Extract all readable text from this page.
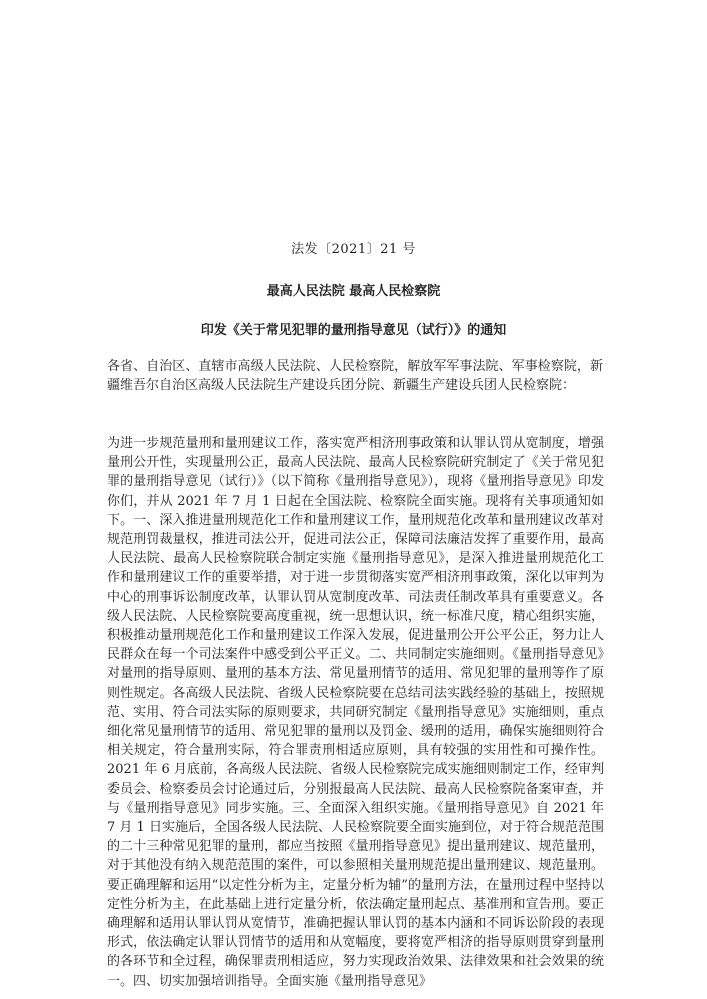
法发〔2021〕21 号
最高人民法院 最高人民检察院
印发《关于常见犯罪的量刑指导意见（试行）》的通知
各省、自治区、直辖市高级人民法院、人民检察院，解放军军事法院、军事检察院，新疆维吾尔自治区高级人民法院生产建设兵团分院、新疆生产建设兵团人民检察院：
为进一步规范量刑和量刑建议工作，落实宽严相济刑事政策和认罪认罚从宽制度，增强量刑公开性，实现量刑公正，最高人民法院、最高人民检察院研究制定了《关于常见犯罪的量刑指导意见（试行）》（以下简称《量刑指导意见》），现将《量刑指导意见》印发你们，并从 2021 年 7 月 1 日起在全国法院、检察院全面实施。现将有关事项通知如下。一、深入推进量刑规范化工作和量刑建议工作，量刑规范化改革和量刑建议改革对规范刑罚裁量权，推进司法公开，促进司法公正，保障司法廉洁发挥了重要作用，最高人民法院、最高人民检察院联合制定实施《量刑指导意见》，是深入推进量刑规范化工作和量刑建议工作的重要举措，对于进一步贯彻落实宽严相济刑事政策，深化以审判为中心的刑事诉讼制度改革，认罪认罚从宽制度改革、司法责任制改革具有重要意义。各级人民法院、人民检察院要高度重视，统一思想认识，统一标准尺度，精心组织实施，积极推动量刑规范化工作和量刑建议工作深入发展，促进量刑公开公平公正，努力让人民群众在每一个司法案件中感受到公平正义。二、共同制定实施细则。《量刑指导意见》对量刑的指导原则、量刑的基本方法、常见量刑情节的适用、常见犯罪的量刑等作了原则性规定。各高级人民法院、省级人民检察院要在总结司法实践经验的基础上，按照规范、实用、符合司法实际的原则要求，共同研究制定《量刑指导意见》实施细则，重点细化常见量刑情节的适用、常见犯罪的量刑以及罚金、缓刑的适用，确保实施细则符合相关规定，符合量刑实际，符合罪责刑相适应原则，具有较强的实用性和可操作性。2021 年 6 月底前，各高级人民法院、省级人民检察院完成实施细则制定工作，经审判委员会、检察委员会讨论通过后，分别报最高人民法院、最高人民检察院备案审查，并与《量刑指导意见》同步实施。三、全面深入组织实施。《量刑指导意见》自 2021 年 7 月 1 日实施后，全国各级人民法院、人民检察院要全面实施到位，对于符合规范范围的二十三种常见犯罪的量刑，都应当按照《量刑指导意见》提出量刑建议、规范量刑，对于其他没有纳入规范范围的案件，可以参照相关量刑规范提出量刑建议、规范量刑。要正确理解和运用“以定性分析为主，定量分析为辅”的量刑方法，在量刑过程中坚持以定性分析为主，在此基础上进行定量分析，依法确定量刑起点、基准刑和宣告刑。要正确理解和适用认罪认罚从宽情节，准确把握认罪认罚的基本内涵和不同诉讼阶段的表现形式，依法确定认罪认罚情节的适用和从宽幅度，要将宽严相济的指导原则贯穿到量刑的各环节和全过程，确保罪责刑相适应，努力实现政治效果、法律效果和社会效果的统一。四、切实加强培训指导。全面实施《量刑指导意见》
